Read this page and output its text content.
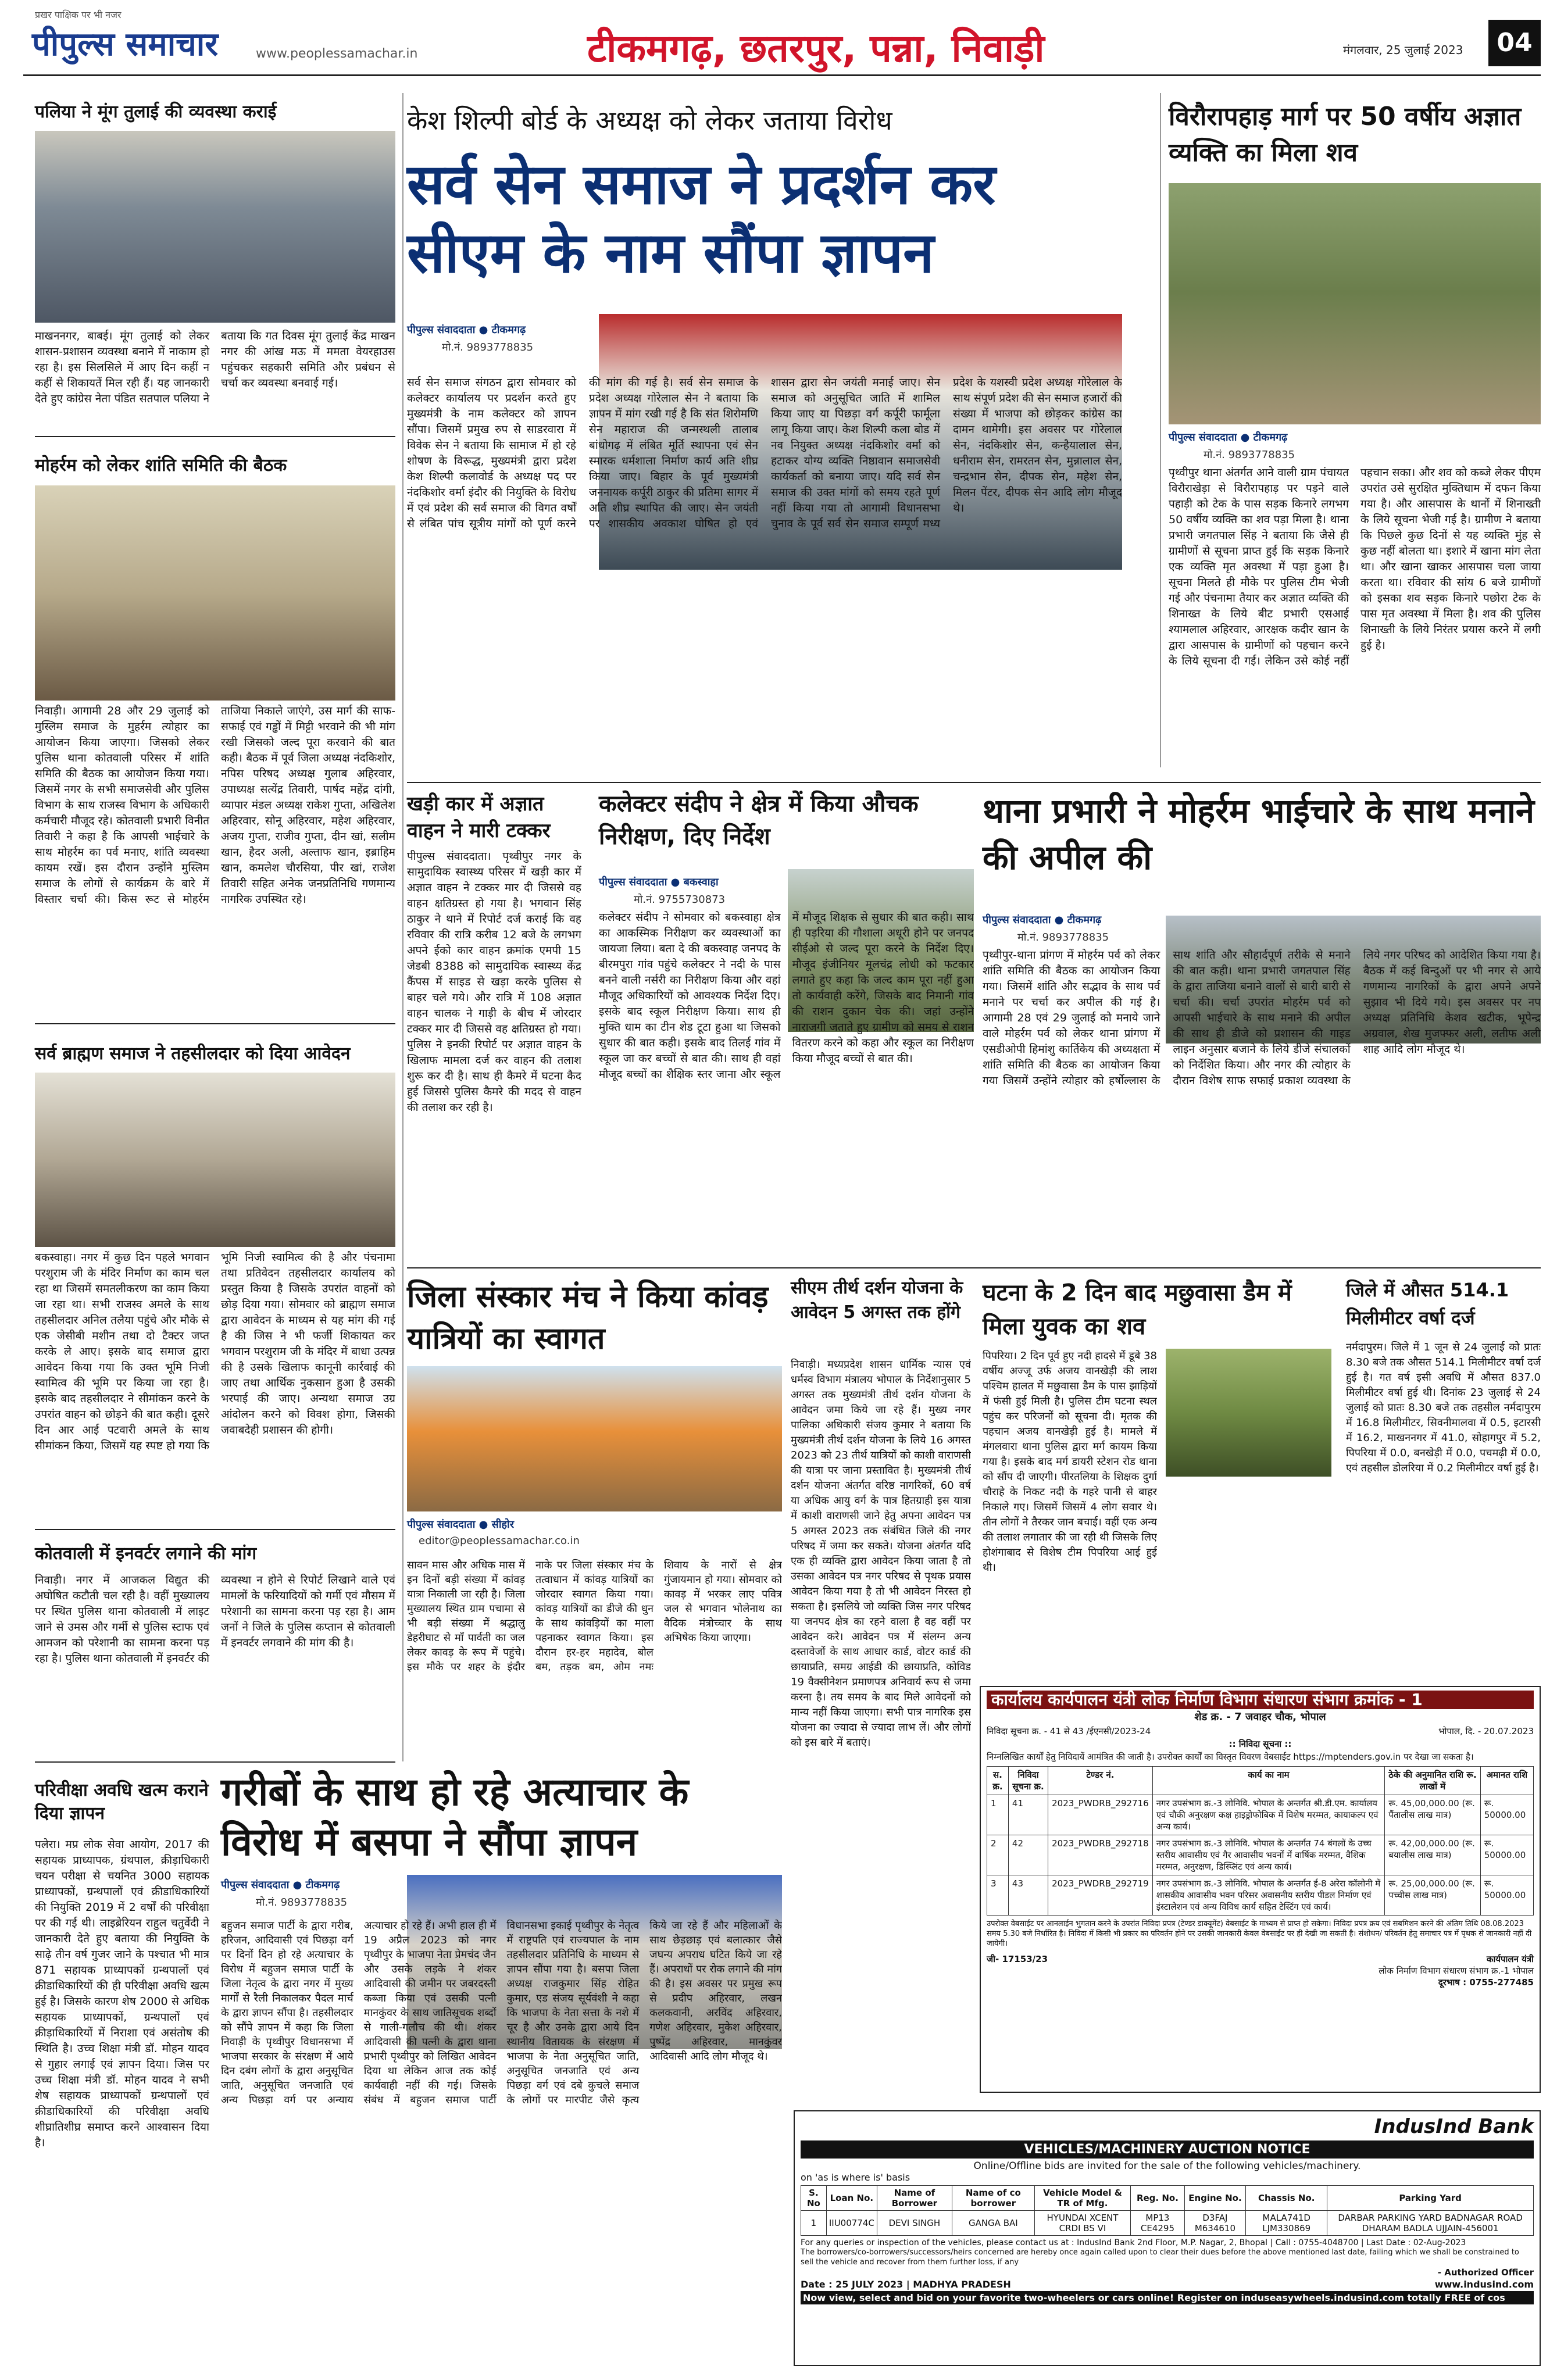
प्रखर पाक्षिक पर भी नजर
पीपुल्स समाचार	www.peoplessamachar.in	टीकमगढ़, छतरपुर, पन्ना, निवाड़ी	मंगलवार, 25 जुलाई 2023	04
पलिया ने मूंग तुलाई की व्यवस्था कराई
माखननगर, बाबई। मूंग तुलाई को लेकर शासन-प्रशासन व्यवस्था बनाने में नाकाम हो रहा है। इस सिलसिले में आए दिन कहीं न कहीं से शिकायतें मिल रही हैं। यह जानकारी देते हुए कांग्रेस नेता पंडित सतपाल पलिया ने बताया कि गत दिवस मूंग तुलाई केंद्र माखन नगर की आंख मऊ में ममता वेयरहाउस पहुंचकर सहकारी समिति और प्रबंधन से चर्चा कर व्यवस्था बनवाई गई।
मोहर्रम को लेकर शांति समिति की बैठक
निवाड़ी। आगामी 28 और 29 जुलाई को मुस्लिम समाज के मुहर्रम त्योहार का आयोजन किया जाएगा। जिसको लेकर पुलिस थाना कोतवाली परिसर में शांति समिति की बैठक का आयोजन किया गया। जिसमें नगर के सभी समाजसेवी और पुलिस विभाग के साथ राजस्व विभाग के अधिकारी कर्मचारी मौजूद रहे। कोतवाली प्रभारी विनीत तिवारी ने कहा है कि आपसी भाईचारे के साथ मोहर्रम का पर्व मनाए, शांति व्यवस्था कायम रखें। इस दौरान उन्होंने मुस्लिम समाज के लोगों से कार्यक्रम के बारे में विस्तार चर्चा की। किस रूट से मोहर्रम ताजिया निकाले जाएंगे, उस मार्ग की साफ-सफाई एवं गड्ढों में मिट्टी भरवाने की भी मांग रखी जिसको जल्द पूरा करवाने की बात कही। बैठक में पूर्व जिला अध्यक्ष नंदकिशोर, नपिस परिषद अध्यक्ष गुलाब अहिरवार, उपाध्यक्ष सत्येंद्र तिवारी, पार्षद महेंद्र दांगी, व्यापार मंडल अध्यक्ष राकेश गुप्ता, अखिलेश अहिरवार, सोनू अहिरवार, महेश अहिरवार, अजय गुप्ता, राजीव गुप्ता, दीन खां, सलीम खान, हैदर अली, अल्ताफ खान, इब्राहिम खान, कमलेश चौरसिया, पीर खां, राजेश तिवारी सहित अनेक जनप्रतिनिधि गणमान्य नागरिक उपस्थित रहे।
सर्व ब्राह्मण समाज ने तहसीलदार को दिया आवेदन
बकस्वाहा। नगर में कुछ दिन पहले भगवान परशुराम जी के मंदिर निर्माण का काम चल रहा था जिसमें समतलीकरण का काम किया जा रहा था। सभी राजस्व अमले के साथ तहसीलदार अनिल तलैया पहुंचे और मौके से एक जेसीबी मशीन तथा दो टैक्टर जप्त करके ले आए। इसके बाद समाज द्वारा आवेदन किया गया कि उक्त भूमि निजी स्वामित्व की भूमि पर किया जा रहा है। इसके बाद तहसीलदार ने सीमांकन करने के उपरांत वाहन को छोड़ने की बात कही। दूसरे दिन आर आई पटवारी अमले के साथ सीमांकन किया, जिसमें यह स्पष्ट हो गया कि भूमि निजी स्वामित्व की है और पंचनामा तथा प्रतिवेदन तहसीलदार कार्यालय को प्रस्तुत किया है जिसके उपरांत वाहनों को छोड़ दिया गया। सोमवार को ब्राह्मण समाज द्वारा आवेदन के माध्यम से यह मांग की गई है की जिस ने भी फर्जी शिकायत कर भगवान परशुराम जी के मंदिर में बाधा उत्पन्न की है उसके खिलाफ कानूनी कार्रवाई की जाए तथा आर्थिक नुकसान हुआ है उसकी भरपाई की जाए। अन्यथा समाज उग्र आंदोलन करने को विवश होगा, जिसकी जवाबदेही प्रशासन की होगी।
कोतवाली में इनवर्टर लगाने की मांग
निवाड़ी। नगर में आजकल विद्युत की अघोषित कटौती चल रही है। वहीं मुख्यालय पर स्थित पुलिस थाना कोतवाली में लाइट जाने से उमस और गर्मी से पुलिस स्टाफ एवं आमजन को परेशानी का सामना करना पड़ रहा है। पुलिस थाना कोतवाली में इनवर्टर की व्यवस्था न होने से रिपोर्ट लिखाने वाले एवं मामलों के फरियादियों को गर्मी एवं मौसम में परेशानी का सामना करना पड़ रहा है। आम जनों ने जिले के पुलिस कप्तान से कोतवाली में इनवर्टर लगवाने की मांग की है।
परिवीक्षा अवधि खत्म कराने दिया ज्ञापन
पलेरा। मप्र लोक सेवा आयोग, 2017 की सहायक प्राध्यापक, ग्रंथपाल, क्रीड़ाधिकारी चयन परीक्षा से चयनित 3000 सहायक प्राध्यापकों, ग्रन्थपालों एवं क्रीडाधिकारियों की नियुक्ति 2019 में 2 वर्षों की परिवीक्षा पर की गई थी। लाइब्रेरियन राहुल चतुर्वेदी ने जानकारी देते हुए बताया की नियुक्ति के साढ़े तीन वर्ष गुजर जाने के पश्चात भी मात्र 871 सहायक प्राध्यापकों ग्रन्थपालों एवं क्रीडाधिकारियों की ही परिवीक्षा अवधि खत्म हुई है। जिसके कारण शेष 2000 से अधिक सहायक प्राध्यापकों, ग्रन्थपालों एवं क्रीड़ाधिकारियों में निराशा एवं असंतोष की स्थिति है। उच्च शिक्षा मंत्री डॉ. मोहन यादव से गुहार लगाई एवं ज्ञापन दिया। जिस पर उच्च शिक्षा मंत्री डॉ. मोहन यादव ने सभी शेष सहायक प्राध्यापकों ग्रन्थपालों एवं क्रीडाधिकारियों की परिवीक्षा अवधि शीघ्रातिशीघ्र समाप्त करने आश्वासन दिया है।
केश शिल्पी बोर्ड के अध्यक्ष को लेकर जताया विरोध
सर्व सेन समाज ने प्रदर्शन कर सीएम के नाम सौंपा ज्ञापन
पीपुल्स संवाददाता ● टीकमगढ़
मो.नं. 9893778835
सर्व सेन समाज संगठन द्वारा सोमवार को कलेक्टर कार्यालय पर प्रदर्शन करते हुए मुख्यमंत्री के नाम कलेक्टर को ज्ञापन सौंपा। जिसमें प्रमुख रुप से साडरवारा में विवेक सेन ने बताया कि सामाज में हो रहे शोषण के विरूद्ध, मुख्यमंत्री द्वारा प्रदेश केश शिल्पी कलावोर्ड के अध्यक्ष पद पर नंदकिशोर वर्मा इंदौर की नियुक्ति के विरोध में एवं प्रदेश की सर्व समाज की विगत वर्षों से लंबित पांच सूत्रीय मांगों को पूर्ण करने की मांग की गई है। सर्व सेन समाज के प्रदेश अध्यक्ष गोरेलाल सेन ने बताया कि ज्ञापन में मांग रखी गई है कि संत शिरोमणि सेन महाराज की जन्मस्थली तालाब बांधोगढ़ में लंबित मूर्ति स्थापना एवं सेन स्मारक धर्मशाला निर्माण कार्य अति शीघ्र किया जाए। बिहार के पूर्व मुख्यमंत्री जननायक कर्पूरी ठाकुर की प्रतिमा सागर में अति शीघ्र स्थापित की जाए। सेन जयंती पर शासकीय अवकाश घोषित हो एवं शासन द्वारा सेन जयंती मनाई जाए। सेन समाज को अनुसूचित जाति में शामिल किया जाए या पिछड़ा वर्ग कर्पूरी फार्मूला लागू किया जाए। केश शिल्पी कला बोड में नव नियुक्त अध्यक्ष नंदकिशोर वर्मा को हटाकर योग्य व्यक्ति निष्ठावान समाजसेवी कार्यकर्ता को बनाया जाए। यदि सर्व सेन समाज की उक्त मांगों को समय रहते पूर्ण नहीं किया गया तो आगामी विधानसभा चुनाव के पूर्व सर्व सेन समाज सम्पूर्ण मध्य प्रदेश के यशस्वी प्रदेश अध्यक्ष गोरेलाल के साथ संपूर्ण प्रदेश की सेन समाज हजारों की संख्या में भाजपा को छोड़कर कांग्रेस का दामन थामेगी। इस अवसर पर गोरेलाल सेन, नंदकिशोर सेन, कन्हैयालाल सेन, धनीराम सेन, रामरतन सेन, मुन्नालाल सेन, चन्द्रभान सेन, दीपक सेन, महेश सेन, मिलन पेंटर, दीपक सेन आदि लोग मौजूद थे।
विरौरापहाड़ मार्ग पर 50 वर्षीय अज्ञात व्यक्ति का मिला शव
पीपुल्स संवाददाता ● टीकमगढ़
मो.नं. 9893778835
पृथ्वीपुर थाना अंतर्गत आने वाली ग्राम पंचायत विरौराखेड़ा से विरौरापहाड़ पर पड़ने वाले पहाड़ी को टेक के पास सड़क किनारे लगभग 50 वर्षीय व्यक्ति का शव पड़ा मिला है। थाना प्रभारी जगतपाल सिंह ने बताया कि जैसे ही ग्रामीणों से सूचना प्राप्त हुई कि सड़क किनारे एक व्यक्ति मृत अवस्था में पड़ा हुआ है। सूचना मिलते ही मौके पर पुलिस टीम भेजी गई और पंचनामा तैयार कर अज्ञात व्यक्ति की शिनाख्त के लिये बीट प्रभारी एसआई श्यामलाल अहिरवार, आरक्षक कदीर खान के द्वारा आसपास के ग्रामीणों को पहचान करने के लिये सूचना दी गई। लेकिन उसे कोई नहीं पहचान सका। और शव को कब्जे लेकर पीएम उपरांत उसे सुरक्षित मुक्तिधाम में दफन किया गया है। और आसपास के थानों में शिनाख्ती के लिये सूचना भेजी गई है। ग्रामीण ने बताया कि पिछले कुछ दिनों से यह व्यक्ति मुंह से कुछ नहीं बोलता था। इशारे में खाना मांग लेता था। और खाना खाकर आसपास चला जाया करता था। रविवार की सांय 6 बजे ग्रामीणों को इसका शव सड़क किनारे पछोरा टेक के पास मृत अवस्था में मिला है। शव की पुलिस शिनाख्ती के लिये निरंतर प्रयास करने में लगी हुई है।
खड़ी कार में अज्ञात वाहन ने मारी टक्कर
पीपुल्स संवाददाता। पृथ्वीपुर नगर के सामुदायिक स्वास्थ्य परिसर में खड़ी कार में अज्ञात वाहन ने टक्कर मार दी जिससे वह वाहन क्षतिग्रस्त हो गया है। भगवान सिंह ठाकुर ने थाने में रिपोर्ट दर्ज कराई कि वह रविवार की रात्रि करीब 12 बजे के लगभग अपने ईको कार वाहन क्रमांक एमपी 15 जेडबी 8388 को सामुदायिक स्वास्थ्य केंद्र कैंपस में साइड से खड़ा करके पुलिस से बाहर चले गये। और रात्रि में 108 अज्ञात वाहन चालक ने गाड़ी के बीच में जोरदार टक्कर मार दी जिससे वह क्षतिग्रस्त हो गया। पुलिस ने इनकी रिपोर्ट पर अज्ञात वाहन के खिलाफ मामला दर्ज कर वाहन की तलाश शुरू कर दी है। साथ ही कैमरे में घटना कैद हुई जिससे पुलिस कैमरे की मदद से वाहन की तलाश कर रही है।
कलेक्टर संदीप ने क्षेत्र में किया औचक निरीक्षण, दिए निर्देश
पीपुल्स संवाददाता ● बकस्वाहा
मो.नं. 9755730873
कलेक्टर संदीप ने सोमवार को बकस्वाहा क्षेत्र का आकस्मिक निरीक्षण कर व्यवस्थाओं का जायजा लिया। बता दे की बकस्वाह जनपद के बीरमपुरा गांव पहुंचे कलेक्टर ने नदी के पास बनने वाली नर्सरी का निरीक्षण किया और वहां मौजूद अधिकारियों को आवश्यक निर्देश दिए। इसके बाद स्कूल निरीक्षण किया। साथ ही मुक्ति धाम का टीन शेड टूटा हुआ था जिसको सुधार की बात कही। इसके बाद तिलई गांव में स्कूल जा कर बच्चों से बात की। साथ ही वहां मौजूद बच्चों का शैक्षिक स्तर जाना और स्कूल में मौजूद शिक्षक से सुधार की बात कही। साथ ही पड़रिया की गौशाला अधूरी होने पर जनपद सीईओ से जल्द पूरा करने के निर्देश दिए। मौजूद इंजीनियर मूलचंद्र लोधी को फटकार लगाते हुए कहा कि जल्द काम पूरा नहीं हुआ तो कार्यवाही करेंगे, जिसके बाद निमानी गांव की राशन दुकान चेक की। जहां उन्होंने नाराजगी जताते हुए ग्रामीण को समय से राशन वितरण करने को कहा और स्कूल का निरीक्षण किया मौजूद बच्चों से बात की।
थाना प्रभारी ने मोहर्रम भाईचारे के साथ मनाने की अपील की
पीपुल्स संवाददाता ● टीकमगढ़
मो.नं. 9893778835
पृथ्वीपुर-थाना प्रांगण में मोहर्रम पर्व को लेकर शांति समिति की बैठक का आयोजन किया गया। जिसमें शांति और सद्भाव के साथ पर्व मनाने पर चर्चा कर अपील की गई है। आगामी 28 एवं 29 जुलाई को मनाये जाने वाले मोहर्रम पर्व को लेकर थाना प्रांगण में एसडीओपी हिमांशु कार्तिकेय की अध्यक्षता में शांति समिति की बैठक का आयोजन किया गया जिसमें उन्होंने त्योहार को हर्षोल्लास के साथ शांति और सौहार्दपूर्ण तरीके से मनाने की बात कही। थाना प्रभारी जगतपाल सिंह के द्वारा ताजिया बनाने वालों से बारी बारी से चर्चा की। चर्चा उपरांत मोहर्रम पर्व को आपसी भाईचारे के साथ मनाने की अपील की साथ ही डीजे को प्रशासन की गाइड लाइन अनुसार बजाने के लिये डीजे संचालकों को निर्देशित किया। और नगर की त्योहार के दौरान विशेष साफ सफाई प्रकाश व्यवस्था के लिये नगर परिषद को आदेशित किया गया है। बैठक में कई बिन्दुओं पर भी नगर से आये गणमान्य नागरिकों के द्वारा अपने अपने सुझाव भी दिये गये। इस अवसर पर नप अध्यक्ष प्रतिनिधि केशव खटीक, भूपेन्द्र अग्रवाल, शेख मुजफ्फर अली, लतीफ अली शाह आदि लोग मौजूद थे।
जिला संस्कार मंच ने किया कांवड़ यात्रियों का स्वागत
पीपुल्स संवाददाता ● सीहोर
editor@peoplessamachar.co.in
सावन मास और अधिक मास में इन दिनों बड़ी संख्या में कांवड़ यात्रा निकाली जा रही है। जिला मुख्यालय स्थित ग्राम पचामा से भी बड़ी संख्या में श्रद्धालु डेहरीघाट से माँ पार्वती का जल लेकर कावड़ के रूप में पहुंचे। इस मौके पर शहर के इंदौर नाके पर जिला संस्कार मंच के तत्वाधान में कांवड़ यात्रियों का जोरदार स्वागत किया गया। कांवड़ यात्रियों का डीजे की धुन के साथ कांवड़ियों का माला पहनाकर स्वागत किया। इस दौरान हर-हर महादेव, बोल बम, तड़क बम, ओम नमः शिवाय के नारों से क्षेत्र गुंजायमान हो गया। सोमवार को कावड़ में भरकर लाए पवित्र जल से भगवान भोलेनाथ का वैदिक मंत्रोच्चार के साथ अभिषेक किया जाएगा।
सीएम तीर्थ दर्शन योजना के आवेदन 5 अगस्त तक होंगे
निवाड़ी। मध्यप्रदेश शासन धार्मिक न्यास एवं धर्मस्व विभाग मंत्रालय भोपाल के निर्देशानुसार 5 अगस्त तक मुख्यमंत्री तीर्थ दर्शन योजना के आवेदन जमा किये जा रहे हैं। मुख्य नगर पालिका अधिकारी संजय कुमार ने बताया कि मुख्यमंत्री तीर्थ दर्शन योजना के लिये 16 अगस्त 2023 को 23 तीर्थ यात्रियों को काशी वाराणसी की यात्रा पर जाना प्रस्तावित है। मुख्यमंत्री तीर्थ दर्शन योजना अंतर्गत वरिष्ठ नागरिकों, 60 वर्ष या अधिक आयु वर्ग के पात्र हितग्राही इस यात्रा में काशी वाराणसी जाने हेतु अपना आवेदन पत्र 5 अगस्त 2023 तक संबंधित जिले की नगर परिषद में जमा कर सकते। योजना अंतर्गत यदि एक ही व्यक्ति द्वारा आवेदन किया जाता है तो उसका आवेदन पत्र नगर परिषद से पृथक प्रयास आवेदन किया गया है तो भी आवेदन निरस्त हो सकता है। इसलिये जो व्यक्ति जिस नगर परिषद या जनपद क्षेत्र का रहने वाला है वह वहीं पर आवेदन करे। आवेदन पत्र में संलग्न अन्य दस्तावेजों के साथ आधार कार्ड, वोटर कार्ड की छायाप्रति, समग्र आईडी की छायाप्रति, कोविड 19 वैक्सीनेशन प्रमाणपत्र अनिवार्य रूप से जमा करना है। तय समय के बाद मिले आवेदनों को मान्य नहीं किया जाएगा। सभी पात्र नागरिक इस योजना का ज्यादा से ज्यादा लाभ लें। और लोगों को इस बारे में बताएं।
घटना के 2 दिन बाद मछुवासा डैम में मिला युवक का शव
पिपरिया। 2 दिन पूर्व हुए नदी हादसे में डूबे 38 वर्षीय अज्जू उर्फ अजय वानखेड़ी की लाश पश्चिम हालत में मछुवासा डैम के पास झाड़ियों में फंसी हुई मिली है। पुलिस टीम घटना स्थल पहुंच कर परिजनों को सूचना दी। मृतक की पहचान अजय वानखेड़ी हुई है। मामले में मंगलवारा थाना पुलिस द्वारा मर्ग कायम किया गया है। इसके बाद मर्ग डायरी स्टेशन रोड थाना को सौंप दी जाएगी। पीरतलिया के शिक्षक दुर्गा चौराहे के निकट नदी के गहरे पानी से बाहर निकाले गए। जिसमें जिसमें 4 लोग सवार थे। तीन लोगों ने तैरकर जान बचाई। वहीं एक अन्य की तलाश लगातार की जा रही थी जिसके लिए होशंगाबाद से विशेष टीम पिपरिया आई हुई थी।
जिले में औसत 514.1 मिलीमीटर वर्षा दर्ज
नर्मदापुरम। जिले में 1 जून से 24 जुलाई को प्रातः 8.30 बजे तक औसत 514.1 मिलीमीटर वर्षा दर्ज हुई है। गत वर्ष इसी अवधि में औसत 837.0 मिलीमीटर वर्षा हुई थी। दिनांक 23 जुलाई से 24 जुलाई को प्रातः 8.30 बजे तक तहसील नर्मदापुरम में 16.8 मिलीमीटर, सिवनीमालवा में 0.5, इटारसी में 16.2, माखननगर में 41.0, सोहागपुर में 5.2, पिपरिया में 0.0, बनखेड़ी में 0.0, पचमढ़ी में 0.0, एवं तहसील डोलरिया में 0.2 मिलीमीटर वर्षा हुई है।
गरीबों के साथ हो रहे अत्याचार के विरोध में बसपा ने सौंपा ज्ञापन
पीपुल्स संवाददाता ● टीकमगढ़
मो.नं. 9893778835
बहुजन समाज पार्टी के द्वारा गरीब, हरिजन, आदिवासी एवं पिछड़ा वर्ग पर दिनों दिन हो रहे अत्याचार के विरोध में बहुजन समाज पार्टी के जिला नेतृत्व के द्वारा नगर में मुख्य मार्गों से रैली निकालकर पैदल मार्च के द्वारा ज्ञापन सौंपा है। तहसीलदार को सौंपे ज्ञापन में कहा कि जिला निवाड़ी के पृथ्वीपुर विधानसभा में भाजपा सरकार के संरक्षण में आये दिन दबंग लोगों के द्वारा अनुसूचित जाति, अनुसूचित जनजाति एवं अन्य पिछड़ा वर्ग पर अन्याय अत्याचार हो रहे हैं। अभी हाल ही में 19 अप्रैल 2023 को नगर पृथ्वीपुर के भाजपा नेता प्रेमचंद जैन और उसके लड़के ने शंकर आदिवासी की जमीन पर जबरदस्ती कब्जा किया एवं उसकी पत्नी मानकुंवर के साथ जातिसूचक शब्दों से गाली-गलौच की थी। शंकर आदिवासी की पत्नी के द्वारा थाना प्रभारी पृथ्वीपुर को लिखित आवेदन दिया था लेकिन आज तक कोई कार्यवाही नहीं की गई। जिसके संबंध में बहुजन समाज पार्टी विधानसभा इकाई पृथ्वीपुर के नेतृत्व में राष्ट्रपति एवं राज्यपाल के नाम तहसीलदार प्रतिनिधि के माध्यम से ज्ञापन सौंपा गया है। बसपा जिला अध्यक्ष राजकुमार सिंह रोहित कुमार, एड संजय सूर्यवंशी ने कहा कि भाजपा के नेता सत्ता के नशे में चूर है और उनके द्वारा आये दिन स्थानीय वितायक के संरक्षण में भाजपा के नेता अनुसूचित जाति, अनुसूचित जनजाति एवं अन्य पिछड़ा वर्ग एवं दबे कुचले समाज के लोगों पर मारपीट जैसे कृत्य किये जा रहे हैं और महिलाओं के साथ छेड़छाड़ एवं बलात्कार जैसे जघन्य अपराध घटित किये जा रहे हैं। अपराधों पर रोक लगाने की मांग की है। इस अवसर पर प्रमुख रूप से प्रदीप अहिरवार, लखन कलकवानी, अरविंद अहिरवार, गणेश अहिरवार, मुकेश अहिरवार, पुष्पेंद्र अहिरवार, मानकुंवर आदिवासी आदि लोग मौजूद थे।
कार्यालय कार्यपालन यंत्री लोक निर्माण विभाग संधारण संभाग क्रमांक - 1
शेड क्र. - 7 जवाहर चौक, भोपाल
निविदा सूचना क्र. - 41 से 43 /ईएनसी/2023-24	भोपाल, दि. - 20.07.2023
:: निविदा सूचना ::
निम्नलिखित कार्यों हेतु निविदायें आमंत्रित की जाती है। उपरोक्त कार्यों का विस्तृत विवरण वेबसाईट https://mptenders.gov.in पर देखा जा सकता है।
स. क्र.	निविदा सूचना क्र.	टेण्डर नं.	कार्य का नाम	ठेके की अनुमानित राशि रू. लाखों में	अमानत राशि
1	41	2023_PWDRB_292716	नगर उपसंभाग क्र.-3 लोनिवि. भोपाल के अन्तर्गत श्री.डी.एम. कार्यालय एवं चौकी अनुरक्षण कक्ष हाइड्रोफोबिक में विशेष मरम्मत, कायाकल्प एवं अन्य कार्य।	रू. 45,00,000.00 (रू. पैंतालीस लाख मात्र)	रू. 50000.00
2	42	2023_PWDRB_292718	नगर उपसंभाग क्र.-3 लोनिवि. भोपाल के अन्तर्गत 74 बंगलों के उच्च स्तरीय आवासीय एवं गैर आवासीय भवनों में वार्षिक मरम्मत, वैशिक मरम्मत, अनुरक्षण, डिस्प्लिंट एवं अन्य कार्य।	रू. 42,00,000.00 (रू. बयालीस लाख मात्र)	रू. 50000.00
3	43	2023_PWDRB_292719	नगर उपसंभाग क्र.-3 लोनिवि. भोपाल के अन्तर्गत ई-8 अरेरा कॉलोनी में शासकीय आवासीय भवन परिसर अवासनीय स्तरीय पीडल निर्माण एवं इंस्टालेशन एवं अन्य विविध कार्य सहित टेस्टिंग एवं कार्य।	रू. 25,00,000.00 (रू. पच्चीस लाख मात्र)	रू. 50000.00
उपरोक्त वेबसाईट पर आनलाईन भुगतान करने के उपरांत निविदा प्रपत्र (टेण्डर डाक्यूमेंट) वेबसाईट के माध्यम से प्राप्त हो सकेगा। निविदा प्रपत्र क्रय एवं सबमिशन करने की अंतिम तिथि 08.08.2023 समय 5.30 बजे निर्धारित है। निविदा में किसी भी प्रकार का परिवर्तन होने पर उसकी जानकारी केवल वेबसाईट पर ही देखी जा सकती है। संशोधन/ परिवर्तन हेतु समाचार पत्र में पृथक से जानकारी नहीं दी जायेगी।
जी- 17153/23	कार्यपालन यंत्री
लोक निर्माण विभाग संधारण संभाग क्र.-1 भोपाल
दूरभाष : 0755-277485
IndusInd Bank
VEHICLES/MACHINERY AUCTION NOTICE
Online/Offline bids are invited for the sale of the following vehicles/machinery.
on 'as is where is' basis
S. No	Loan No.	Name of Borrower	Name of co borrower	Vehicle Model & TR of Mfg.	Reg. No.	Engine No.	Chassis No.	Parking Yard
1	IIU00774C	DEVI SINGH	GANGA BAI	HYUNDAI XCENT CRDI BS VI	MP13 CE4295	D3FAJ M634610	MALA741D LJM330869	DARBAR PARKING YARD BADNAGAR ROAD DHARAM BADLA UJJAIN-456001
For any queries or inspection of the vehicles, please contact us at : IndusInd Bank 2nd Floor, M.P. Nagar, 2, Bhopal | Call : 0755-4048700 | Last Date : 02-Aug-2023
The borrowers/co-borrowers/successors/heirs concerned are hereby once again called upon to clear their dues before the above mentioned last date, failing which we shall be constrained to sell the vehicle and recover from them further loss, if any
- Authorized Officer
Date : 25 JULY 2023 | MADHYA PRADESH	www.indusind.com
Now view, select and bid on your favorite two-wheelers or cars online! Register on induseasywheels.indusind.com totally FREE of cos
